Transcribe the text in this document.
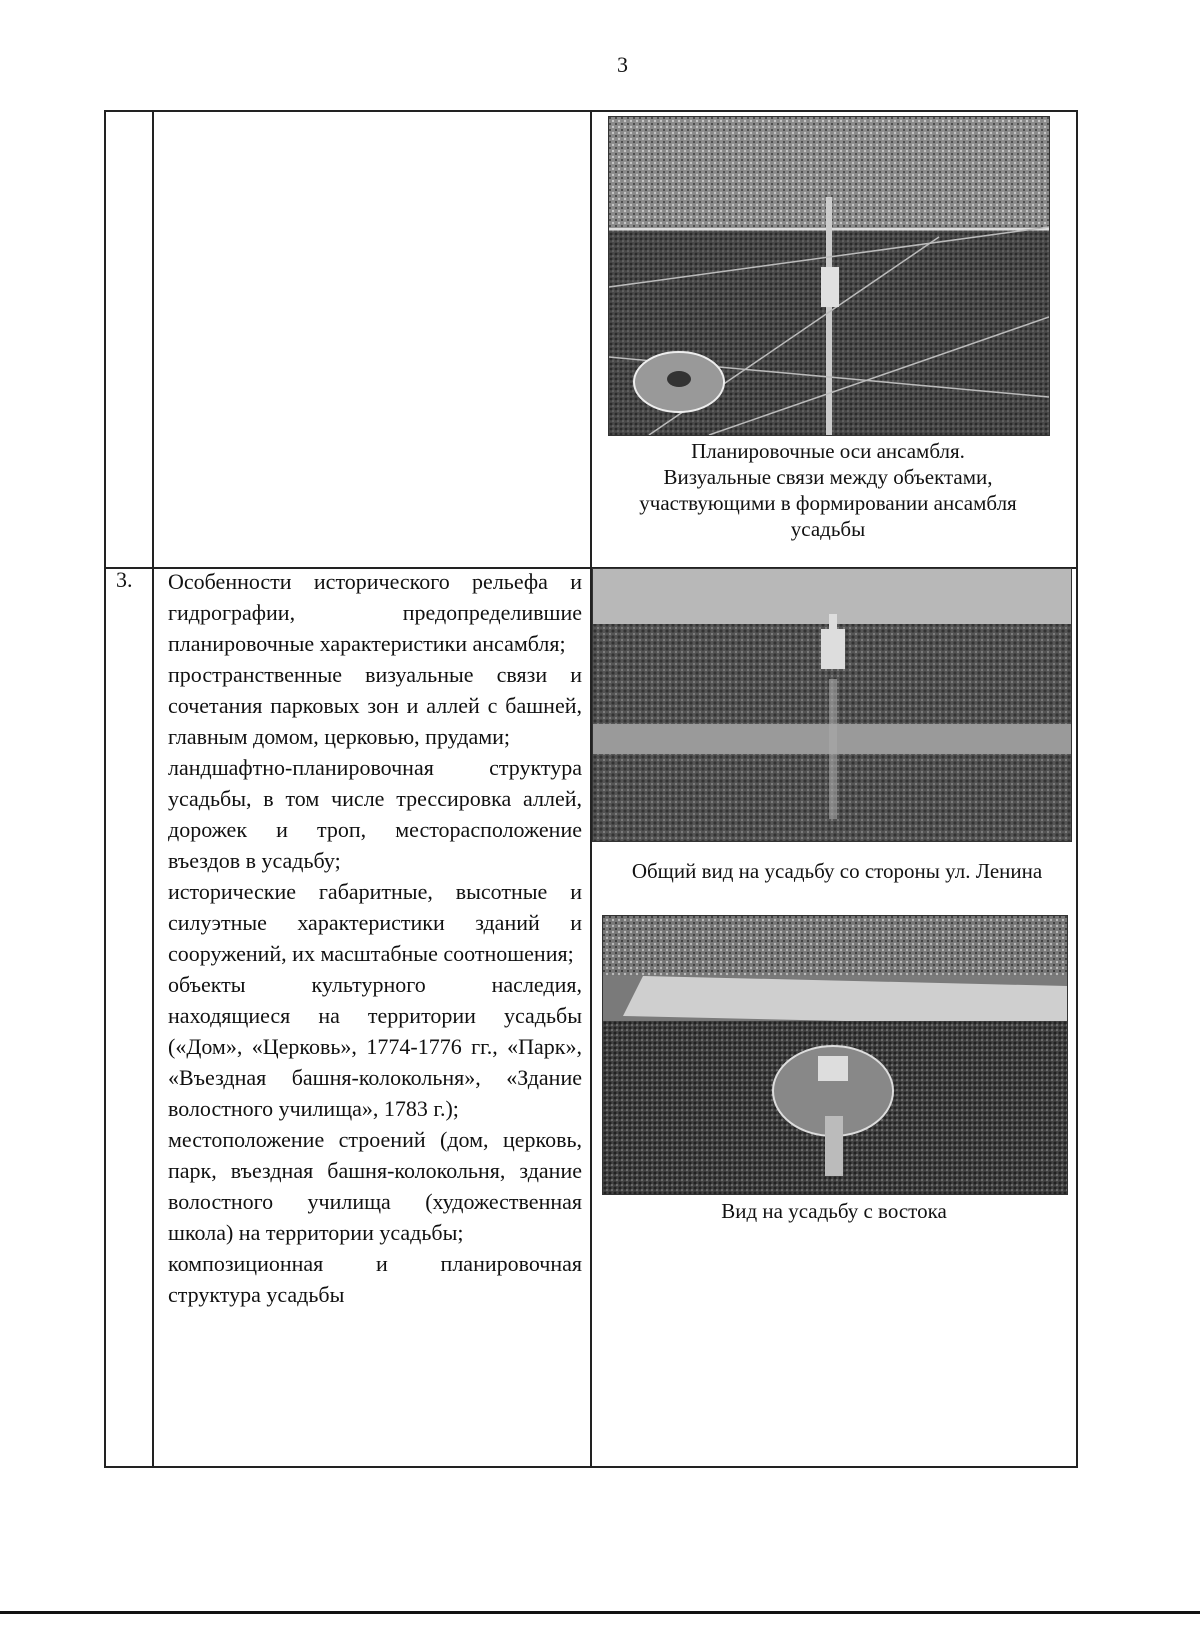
3
Планировочные оси ансамбля.
Визуальные связи между объектами,
участвующими в формировании ансамбля
усадьбы
3. Особенности исторического рельефа и гидрографии, предопределившие планировочные характеристики ансамбля;

пространственные визуальные связи и сочетания парковых зон и аллей с башней, главным домом, церковью, прудами;

ландшафтно-планировочная структура усадьбы, в том числе трессировка аллей, дорожек и троп, месторасположение въездов в усадьбу;

исторические габаритные, высотные и силуэтные характеристики зданий и сооружений, их масштабные соотношения;

объекты культурного наследия, находящиеся на территории усадьбы («Дом», «Церковь», 1774-1776 гг., «Парк», «Въездная башня-колокольня», «Здание волостного училища», 1783 г.);

местоположение строений (дом, церковь, парк, въездная башня-колокольня, здание волостного училища (художественная школа) на территории усадьбы;

композиционная и планировочная структура усадьбы

Общий вид на усадьбу со стороны ул. Ленина
Вид на усадьбу с востока
